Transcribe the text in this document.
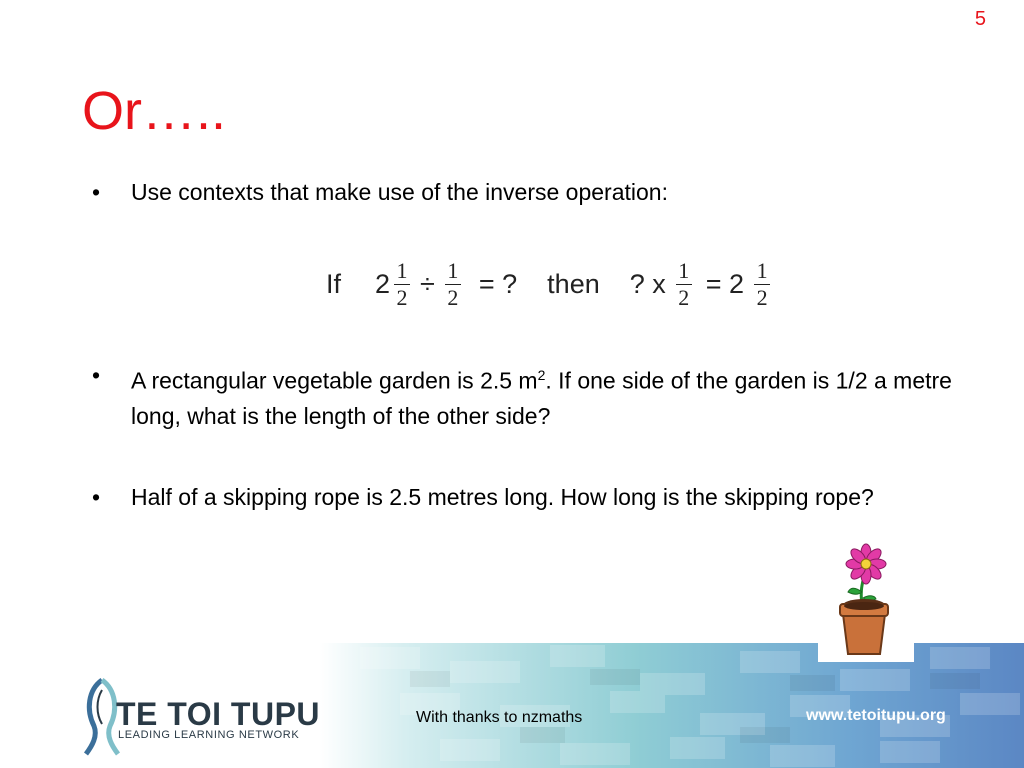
5
Or…..
• Use contexts that make use of the inverse operation:
If $2 \frac{1}{2} \div \frac{1}{2}$ = ? then ? x $\frac{1}{2} = 2 \frac{1}{2}$
• A rectangular vegetable garden is 2.5 $m^2$. If one side of the garden is 1/2 a metre long, what is the length of the other side?
• Half of a skipping rope is 2.5 metres long. How long is the skipping rope?
TE TOI TUPU
LEADING LEARNING NETWORK
With thanks to nzmaths	www.tetoitupu.org
